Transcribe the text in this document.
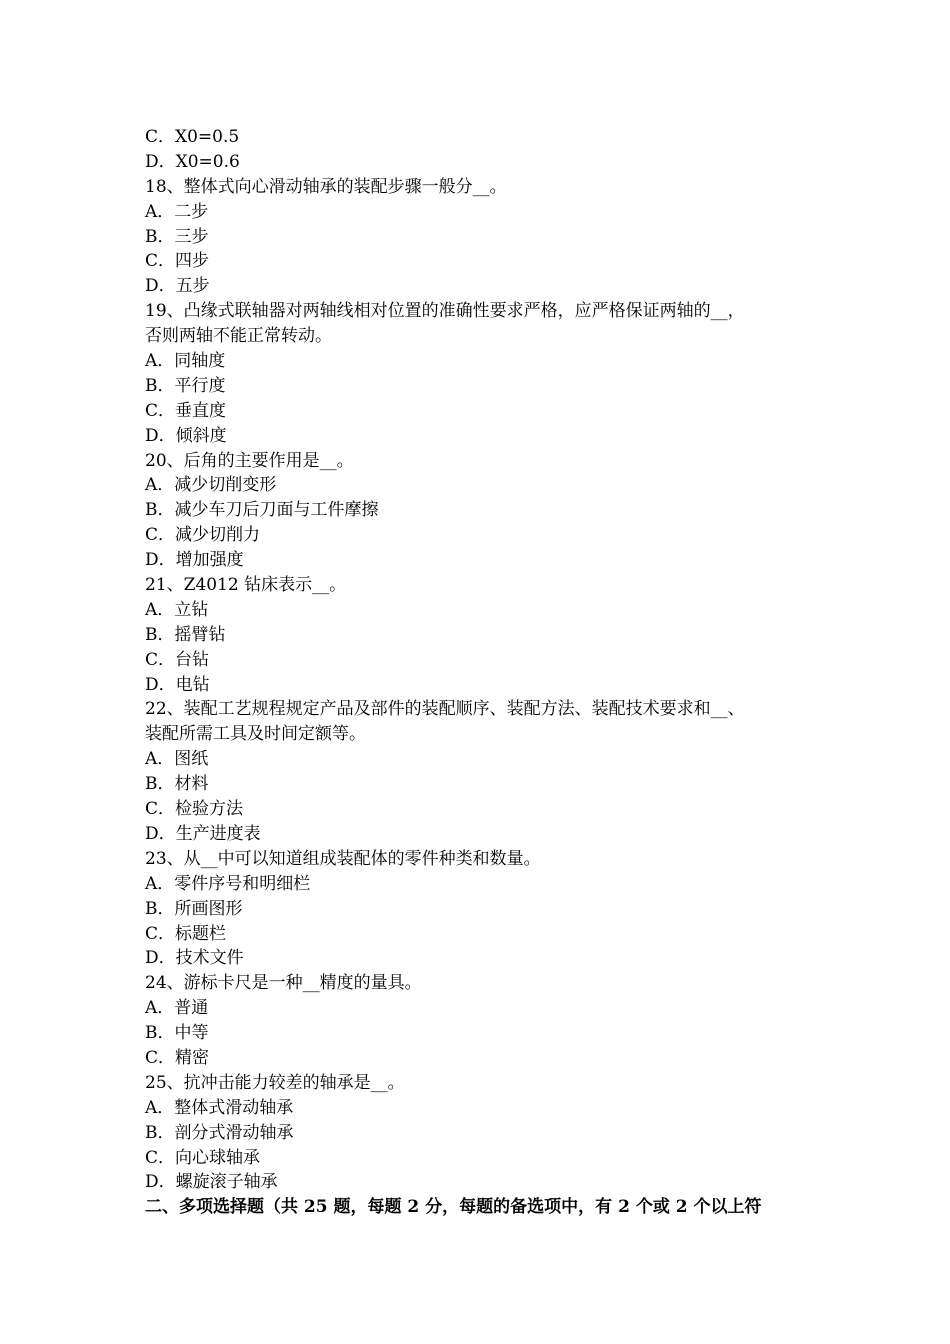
C．X0=0.5
D．X0=0.6
18、整体式向心滑动轴承的装配步骤一般分__。
A．二步
B．三步
C．四步
D．五步
19、凸缘式联轴器对两轴线相对位置的准确性要求严格，应严格保证两轴的__，
否则两轴不能正常转动。
A．同轴度
B．平行度
C．垂直度
D．倾斜度
20、后角的主要作用是__。
A．减少切削变形
B．减少车刀后刀面与工件摩擦
C．减少切削力
D．增加强度
21、Z4012 钻床表示__。
A．立钻
B．摇臂钻
C．台钻
D．电钻
22、装配工艺规程规定产品及部件的装配顺序、装配方法、装配技术要求和__、
装配所需工具及时间定额等。
A．图纸
B．材料
C．检验方法
D．生产进度表
23、从__中可以知道组成装配体的零件种类和数量。
A．零件序号和明细栏
B．所画图形
C．标题栏
D．技术文件
24、游标卡尺是一种__精度的量具。
A．普通
B．中等
C．精密
25、抗冲击能力较差的轴承是__。
A．整体式滑动轴承
B．剖分式滑动轴承
C．向心球轴承
D．螺旋滚子轴承
二、多项选择题（共 25 题，每题 2 分，每题的备选项中，有 2 个或 2 个以上符
